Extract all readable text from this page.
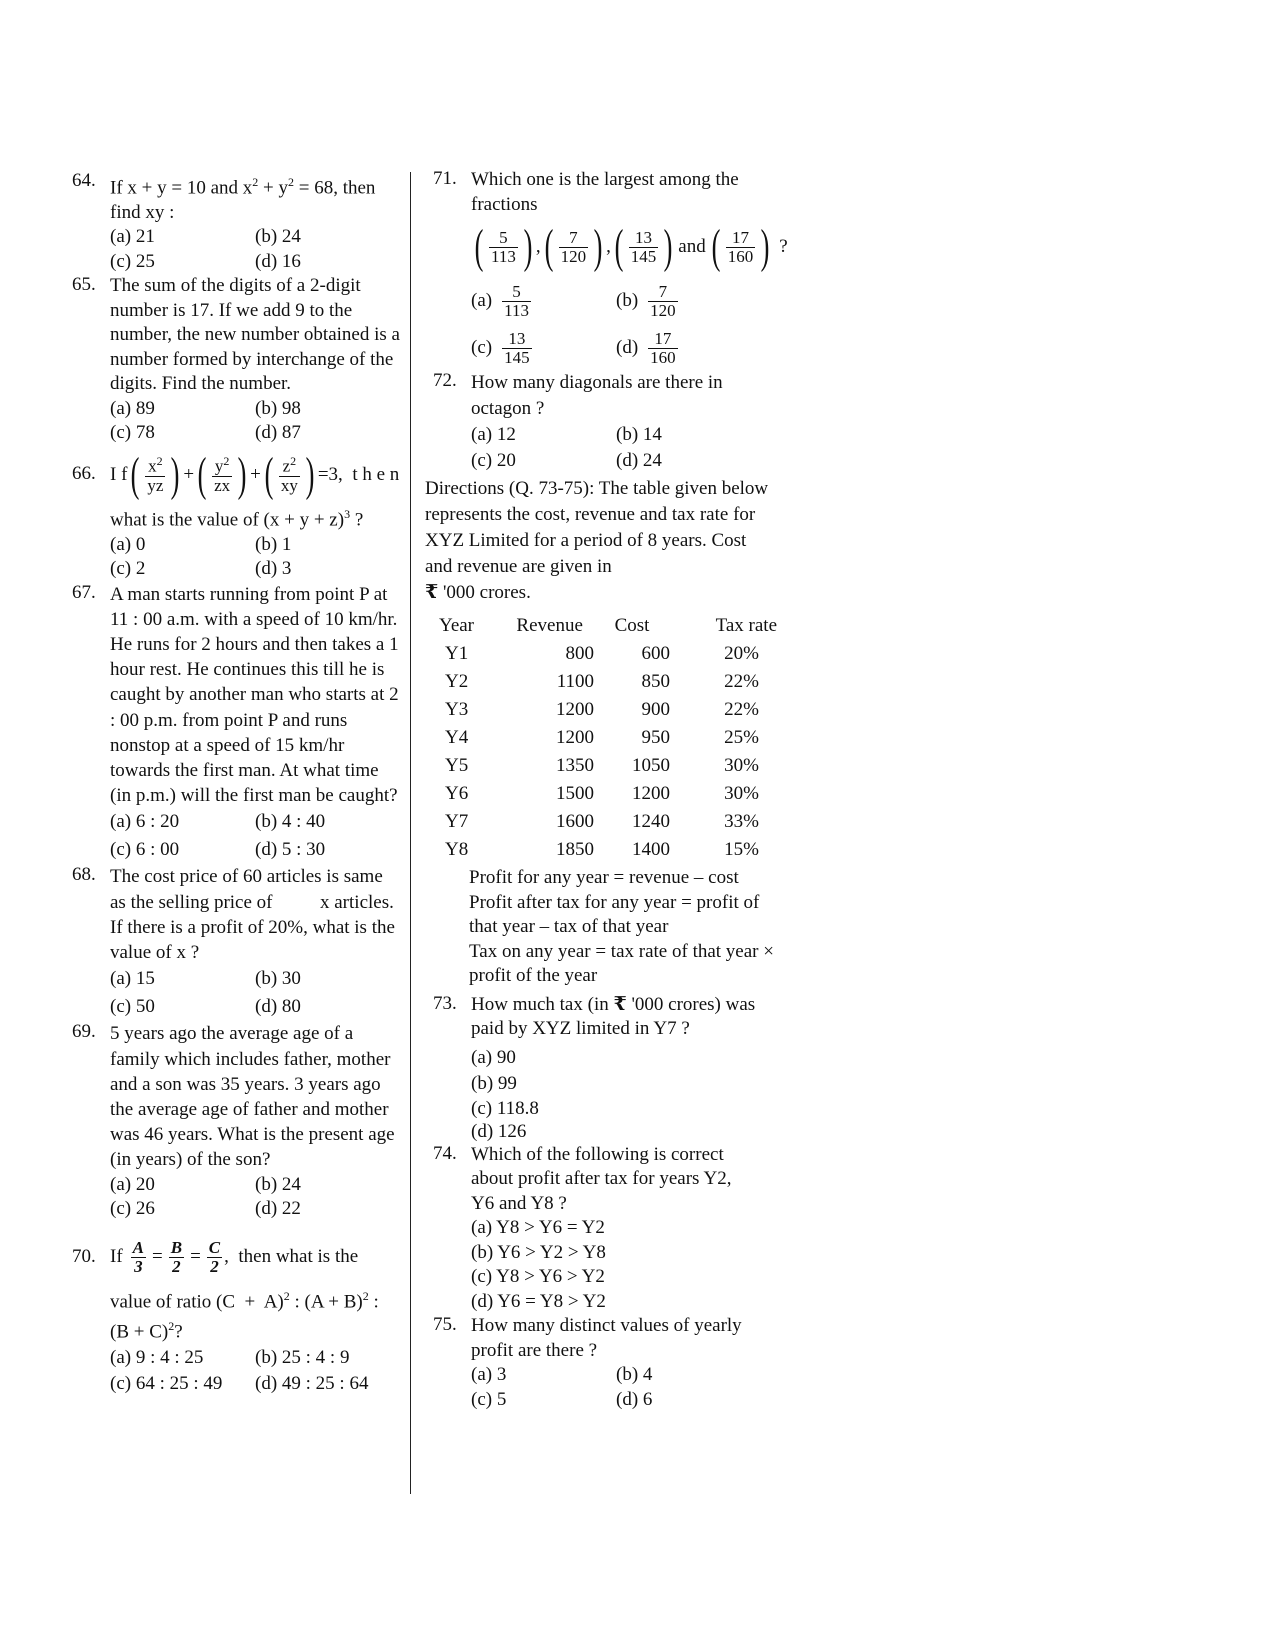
64. If x + y = 10 and $x^2 + y^2 = 68$, then find xy :
(a) 21	(b) 24
(c) 25	(d) 16
65. The sum of the digits of a 2-digit number is 17. If we add 9 to the number, the new number obtained is a number formed by interchange of the digits. Find the number.
(a) 89	(b) 98
(c) 78	(d) 87
66. I f ( $\frac{x^2}{yz}$ ) + ( $\frac{y^2}{zx}$ ) + ( $\frac{z^2}{xy}$ ) =3,
t h e n
what is the value of $(x + y + z)^3$ ?
(a) 0	(b) 1
(c) 2	(d) 3
67. A man starts running from point P at 11 : 00 a.m. with a speed of 10 km/hr. He runs for 2 hours and then takes a 1 hour rest. He continues this till he is caught by another man who starts at 2 : 00 p.m. from point P and runs nonstop at a speed of 15 km/hr towards the first man. At what time (in p.m.) will the first man be caught?
(a) 6 : 20	(b) 4 : 40
(c) 6 : 00	(d) 5 : 30
68. The cost price of 60 articles is same as the selling price of          x articles. If there is a profit of 20%, what is the value of x ?
(a) 15	(b) 30
(c) 50	(d) 80
69. 5 years ago the average age of a family which includes father, mother and a son was 35 years. 3 years ago the average age of father and mother was 46 years. What is the present age (in years) of the son?
(a) 20	(b) 24
(c) 26	(d) 22
70. If $\frac{A}{3} = \frac{B}{2} = \frac{C}{2}$ ,  then what is the
value of ratio $(C + A)^2$ : $(A + B)^2$ :
$(B + C)^2$?
(a) 9 : 4 : 25	(b) 25 : 4 : 9
(c) 64 : 25 : 49	(d) 49 : 25 : 64
71. Which one is the largest among the fractions
( $\frac{5}{113}$ ) , ( $\frac{7}{120}$ ) , ( $\frac{13}{145}$ ) and ( $\frac{17}{160}$ ) ?
$(a) \frac{5}{113}$	$(b) \frac{7}{120}$
$(c) \frac{13}{145}$	$(d) \frac{17}{160}$
72. How many diagonals are there in octagon ?
(a) 12	(b) 14
(c) 20	(d) 24
Directions (Q. 73-75): The table given below represents the cost, revenue and tax rate for XYZ Limited for a period of 8 years. Cost and revenue are given in
₹ '000 crores.
Year	Revenue	Cost	Tax rate
Y1	800	600	20%
Y2	1100	850	22%
Y3	1200	900	22%
Y4	1200	950	25%
Y5	1350	1050	30%
Y6	1500	1200	30%
Y7	1600	1240	33%
Y8	1850	1400	15%
Profit for any year = revenue – cost
Profit after tax for any year = profit of that year – tax of that year
Tax on any year = tax rate of that year × profit of the year
73. How much tax (in ₹ '000 crores) was paid by XYZ limited in Y7 ?
(a) 90
(b) 99
(c) 118.8
(d) 126
74. Which of the following is correct about profit after tax for years Y2, Y6 and Y8 ?
(a) Y8 > Y6 = Y2
(b) Y6 > Y2 > Y8
(c) Y8 > Y6 > Y2
(d) Y6 = Y8 > Y2
75. How many distinct values of yearly profit are there ?
(a) 3	(b) 4
(c) 5	(d) 6
